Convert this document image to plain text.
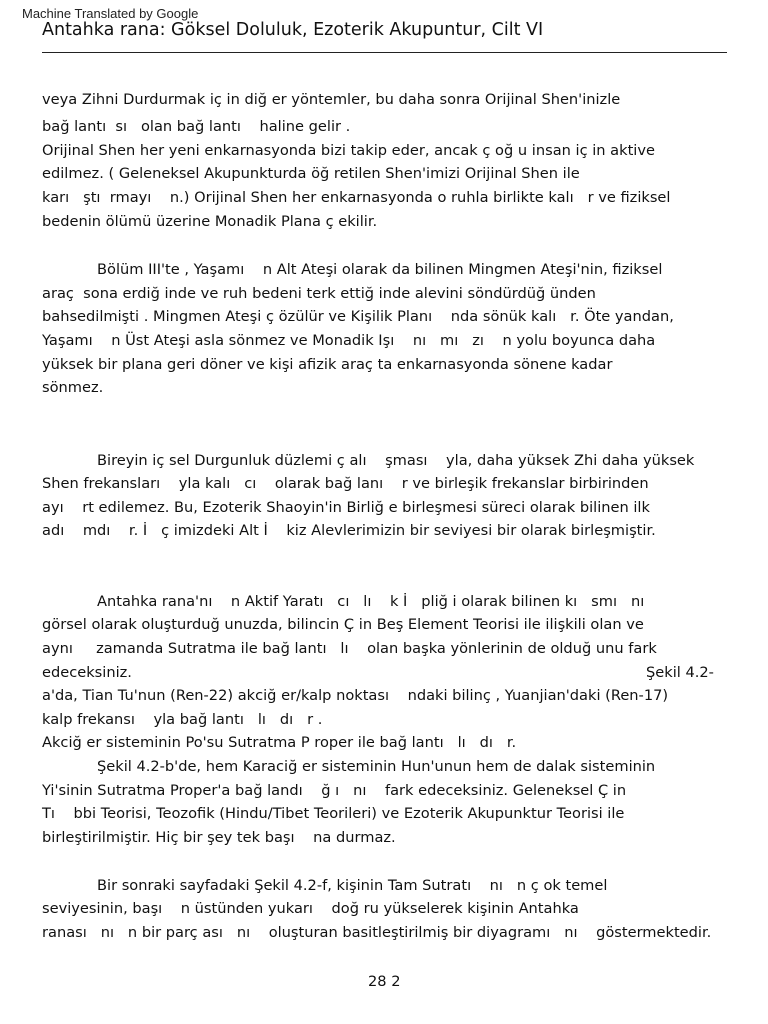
Machine Translated by Google
Antahka rana: Göksel Doluluk, Ezoterik Akupuntur, Cilt VI
veya Zihni Durdurmak iç in diğ er yöntemler, bu daha sonra Orijinal Shen'inizle
bağ lantı  sı   olan bağ lantı    haline gelir .
Orijinal Shen her yeni enkarnasyonda bizi takip eder, ancak ç oğ u insan iç in aktive
edilmez. ( Geleneksel Akupunkturda öğ retilen Shen'imizi Orijinal Shen ile
karı   ştı  rmayı    n.) Orijinal Shen her enkarnasyonda o ruhla birlikte kalı   r ve fiziksel
bedenin ölümü üzerine Monadik Plana ç ekilir.
Bölüm III'te , Yaşamı    n Alt Ateşi olarak da bilinen Mingmen Ateşi'nin, fiziksel
araç  sona erdiğ inde ve ruh bedeni terk ettiğ inde alevini söndürdüğ ünden
bahsedilmişti . Mingmen Ateşi ç özülür ve Kişilik Planı    nda sönük kalı   r. Öte yandan,
Yaşamı    n Üst Ateşi asla sönmez ve Monadik Işı    nı   mı   zı    n yolu boyunca daha
yüksek bir plana geri döner ve kişi afizik araç ta enkarnasyonda sönene kadar
sönmez.
Bireyin iç sel Durgunluk düzlemi ç alı    şması    yla, daha yüksek Zhi daha yüksek
Shen frekansları    yla kalı   cı    olarak bağ lanı    r ve birleşik frekanslar birbirinden
ayı    rt edilemez. Bu, Ezoterik Shaoyin'in Birliğ e birleşmesi süreci olarak bilinen ilk
adı    mdı    r. İ   ç imizdeki Alt İ    kiz Alevlerimizin bir seviyesi bir olarak birleşmiştir.
Antahka rana'nı    n Aktif Yaratı   cı   lı    k İ   pliğ i olarak bilinen kı   smı   nı
görsel olarak oluşturduğ unuzda, bilincin Ç in Beş Element Teorisi ile ilişkili olan ve
aynı     zamanda Sutratma ile bağ lantı   lı    olan başka yönlerinin de olduğ unu fark
edeceksiniz.	Şekil 4.2-
a'da, Tian Tu'nun (Ren-22) akciğ er/kalp noktası    ndaki bilinç , Yuanjian'daki (Ren-17)
kalp frekansı    yla bağ lantı   lı   dı   r .
Akciğ er sisteminin Po'su Sutratma P roper ile bağ lantı   lı   dı   r.
Şekil 4.2-b'de, hem Karaciğ er sisteminin Hun'unun hem de dalak sisteminin
Yi'sinin Sutratma Proper'a bağ landı    ğ ı   nı    fark edeceksiniz. Geleneksel Ç in
Tı    bbi Teorisi, Teozofik (Hindu/Tibet Teorileri) ve Ezoterik Akupunktur Teorisi ile
birleştirilmiştir. Hiç bir şey tek başı    na durmaz.
Bir sonraki sayfadaki Şekil 4.2-f, kişinin Tam Sutratı    nı   n ç ok temel
seviyesinin, başı    n üstünden yukarı    doğ ru yükselerek kişinin Antahka
ranası   nı   n bir parç ası   nı    oluşturan basitleştirilmiş bir diyagramı   nı    göstermektedir.
28 2
